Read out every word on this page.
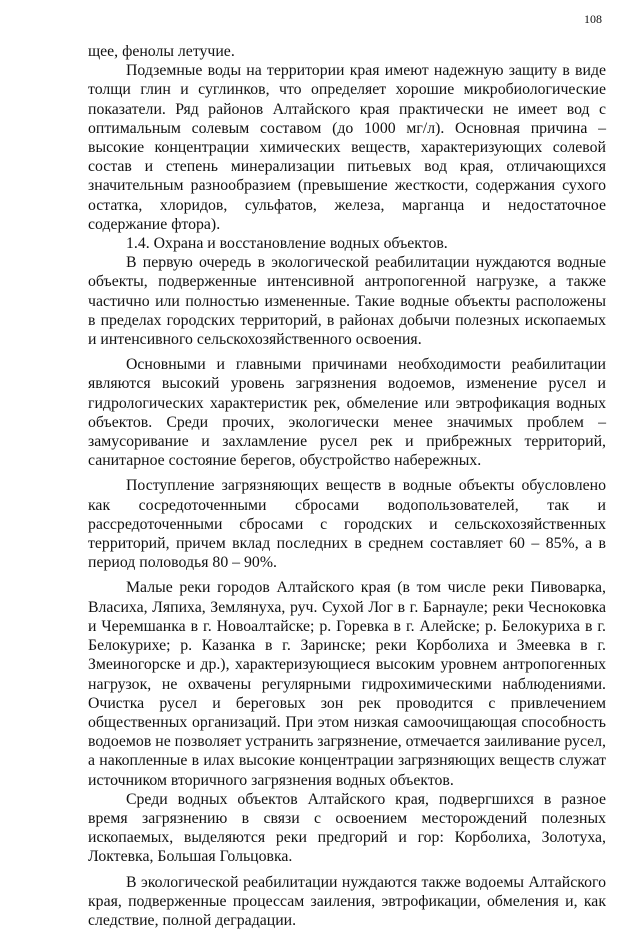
108

щее, фенолы летучие.

Подземные воды на территории края имеют надежную защиту в виде толщи глин и суглинков, что определяет хорошие микробиологические показатели. Ряд районов Алтайского края практически не имеет вод с оптимальным солевым составом (до 1000 мг/л). Основная причина – высокие концентрации химических веществ, характеризующих солевой состав и степень минерализации питьевых вод края, отличающихся значительным разнообразием (превышение жесткости, содержания сухого остатка, хлоридов, сульфатов, железа, марганца и недостаточное содержание фтора).

1.4. Охрана и восстановление водных объектов.

В первую очередь в экологической реабилитации нуждаются водные объекты, подверженные интенсивной антропогенной нагрузке, а также частично или полностью измененные. Такие водные объекты расположены в пределах городских территорий, в районах добычи полезных ископаемых и интенсивного сельскохозяйственного освоения.

Основными и главными причинами необходимости реабилитации являются высокий уровень загрязнения водоемов, изменение русел и гидрологических характеристик рек, обмеление или эвтрофикация водных объектов. Среди прочих, экологически менее значимых проблем – замусоривание и захламление русел рек и прибрежных территорий, санитарное состояние берегов, обустройство набережных.

Поступление загрязняющих веществ в водные объекты обусловлено как сосредоточенными сбросами водопользователей, так и рассредоточенными сбросами с городских и сельскохозяйственных территорий, причем вклад последних в среднем составляет 60 – 85%, а в период половодья 80 – 90%.

Малые реки городов Алтайского края (в том числе реки Пивоварка, Власиха, Ляпиха, Землянуха, руч. Сухой Лог в г. Барнауле; реки Чесноковка и Черемшанка в г. Новоалтайске; р. Горевка в г. Алейске; р. Белокуриха в г. Белокурихе; р. Казанка в г. Заринске; реки Корболиха и Змеевка в г. Змеиногорске и др.), характеризующиеся высоким уровнем антропогенных нагрузок, не охвачены регулярными гидрохимическими наблюдениями. Очистка русел и береговых зон рек проводится с привлечением общественных организаций. При этом низкая самоочищающая способность водоемов не позволяет устранить загрязнение, отмечается заиливание русел, а накопленные в илах высокие концентрации загрязняющих веществ служат источником вторичного загрязнения водных объектов.

Среди водных объектов Алтайского края, подвергшихся в разное время загрязнению в связи с освоением месторождений полезных ископаемых, выделяются реки предгорий и гор: Корболиха, Золотуха, Локтевка, Большая Гольцовка.

В экологической реабилитации нуждаются также водоемы Алтайского края, подверженные процессам заиления, эвтрофикации, обмеления и, как следствие, полной деградации.
